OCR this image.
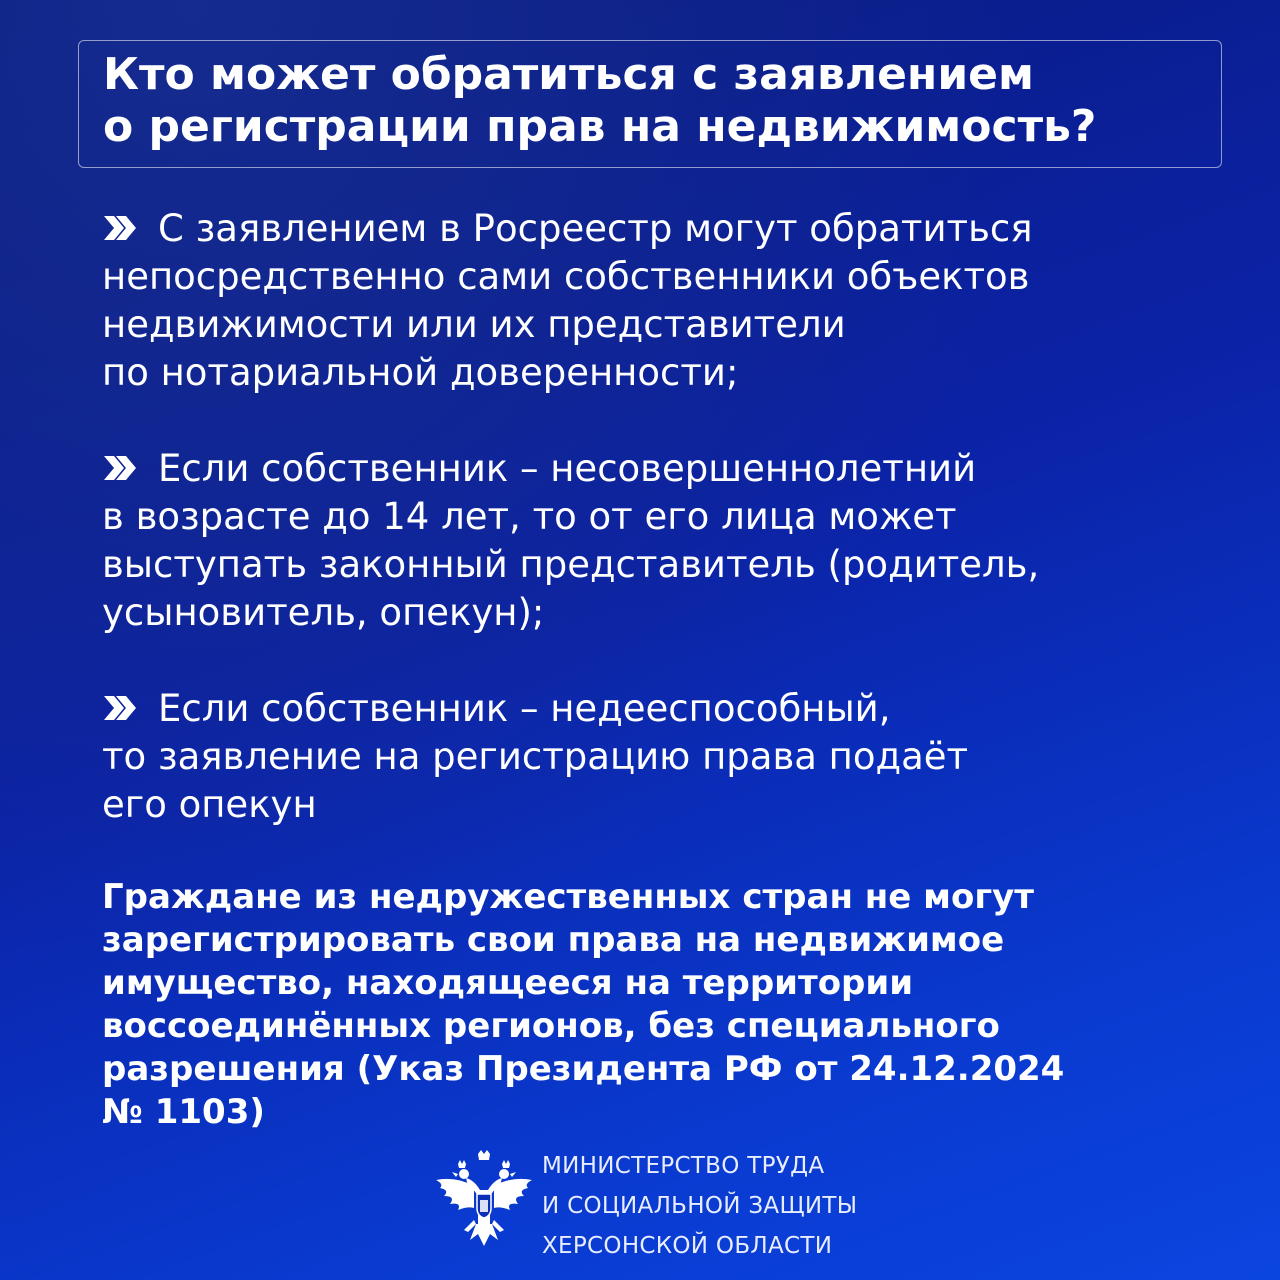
Кто может обратиться с заявлением
о регистрации прав на недвижимость?
С заявлением в Росреестр могут обратиться
непосредственно сами собственники объектов
недвижимости или их представители
по нотариальной доверенности;
Если собственник – несовершеннолетний
в возрасте до 14 лет, то от его лица может
выступать законный представитель (родитель,
усыновитель, опекун);
Если собственник – недееспособный,
то заявление на регистрацию права подаёт
его опекун
Граждане из недружественных стран не могут
зарегистрировать свои права на недвижимое
имущество, находящееся на территории
воссоединённых регионов, без специального
разрешения (Указ Президента РФ от 24.12.2024
№ 1103)
МИНИСТЕРСТВО ТРУДА
И СОЦИАЛЬНОЙ ЗАЩИТЫ
ХЕРСОНСКОЙ ОБЛАСТИ
